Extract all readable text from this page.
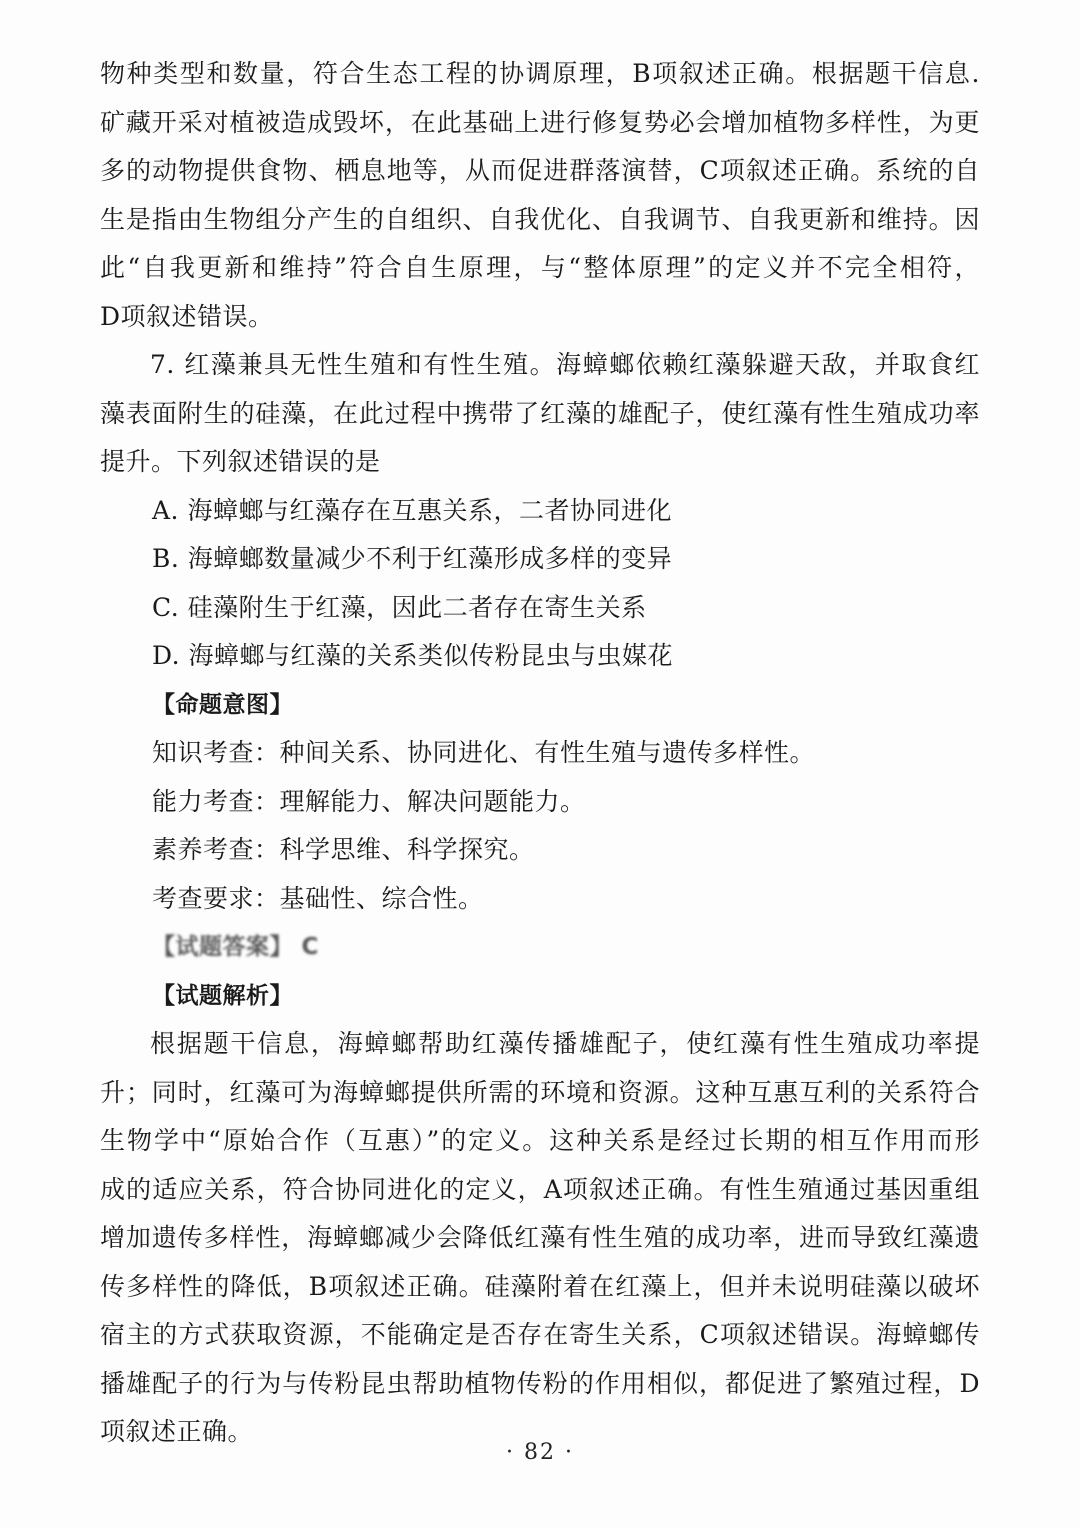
物种类型和数量，符合生态工程的协调原理，B项叙述正确。根据题干信息.
矿藏开采对植被造成毁坏，在此基础上进行修复势必会增加植物多样性，为更
多的动物提供食物、栖息地等，从而促进群落演替，C项叙述正确。系统的自
生是指由生物组分产生的自组织、自我优化、自我调节、自我更新和维持。因
此“自我更新和维持”符合自生原理，与“整体原理”的定义并不完全相符，
D项叙述错误。
7. 红藻兼具无性生殖和有性生殖。海蟑螂依赖红藻躲避天敌，并取食红
藻表面附生的硅藻，在此过程中携带了红藻的雄配子，使红藻有性生殖成功率
提升。下列叙述错误的是
A. 海蟑螂与红藻存在互惠关系，二者协同进化
B. 海蟑螂数量减少不利于红藻形成多样的变异
C. 硅藻附生于红藻，因此二者存在寄生关系
D. 海蟑螂与红藻的关系类似传粉昆虫与虫媒花
【命题意图】
知识考查：种间关系、协同进化、有性生殖与遗传多样性。
能力考查：理解能力、解决问题能力。
素养考查：科学思维、科学探究。
考查要求：基础性、综合性。
【试题答案】 C
【试题解析】
根据题干信息，海蟑螂帮助红藻传播雄配子，使红藻有性生殖成功率提
升；同时，红藻可为海蟑螂提供所需的环境和资源。这种互惠互利的关系符合
生物学中“原始合作（互惠）”的定义。这种关系是经过长期的相互作用而形
成的适应关系，符合协同进化的定义，A项叙述正确。有性生殖通过基因重组
增加遗传多样性，海蟑螂减少会降低红藻有性生殖的成功率，进而导致红藻遗
传多样性的降低，B项叙述正确。硅藻附着在红藻上，但并未说明硅藻以破坏
宿主的方式获取资源，不能确定是否存在寄生关系，C项叙述错误。海蟑螂传
播雄配子的行为与传粉昆虫帮助植物传粉的作用相似，都促进了繁殖过程，D
项叙述正确。
· 82 ·
